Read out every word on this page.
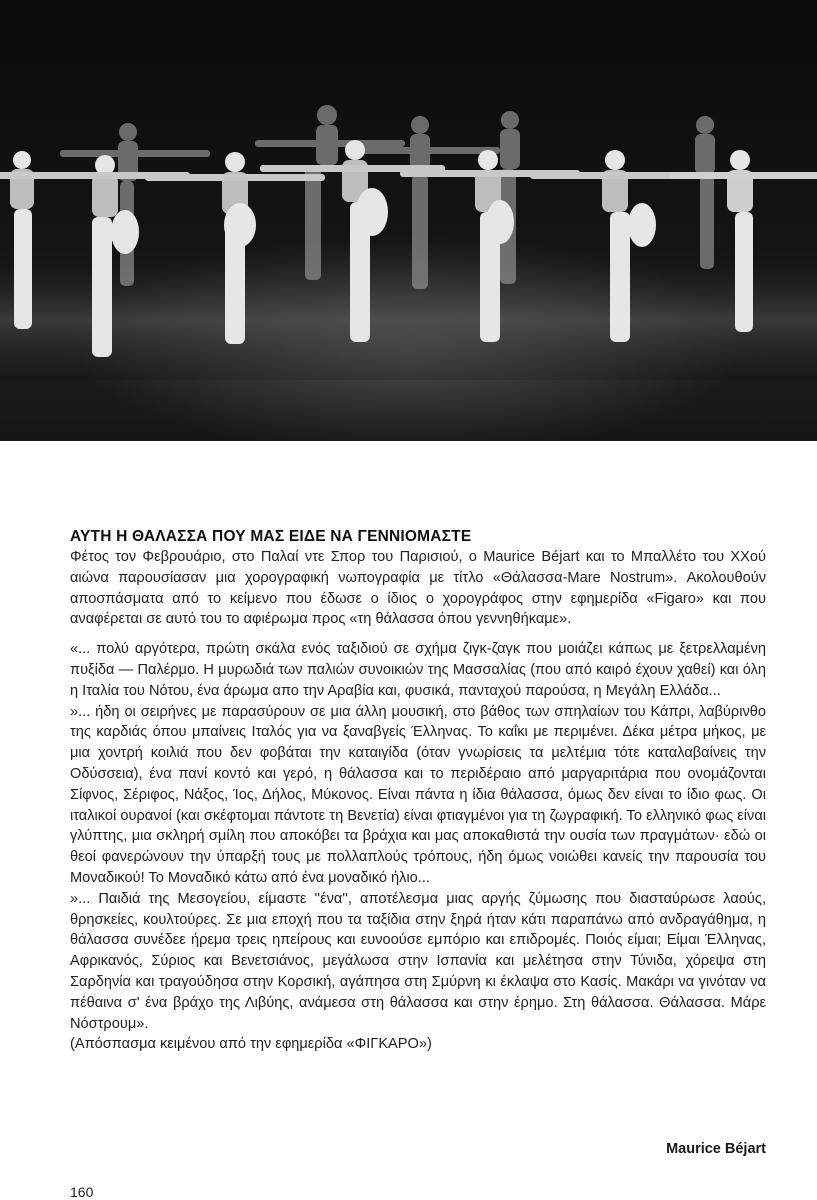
ΑΥΤΗ Η ΘΑΛΑΣΣΑ ΠΟΥ ΜΑΣ ΕΙΔΕ ΝΑ ΓΕΝΝΙΟΜΑΣΤΕ

Φέτος τον Φεβρουάριο, στο Παλαί ντε Σπορ του Παρισιού, ο Maurice Béjart και το Μπαλλέτο του ΧΧού αιώνα παρουσίασαν μια χορογραφική νωπογραφία με τίτλο «Θάλασσα-Mare Nostrum». Ακολουθούν αποσπάσματα από το κείμενο που έδωσε ο ίδιος ο χορογράφος στην εφημερίδα «Figaro» και που αναφέρεται σε αυτό του το αφιέρωμα προς «τη θάλασσα όπου γεννηθήκαμε».

«... πολύ αργότερα, πρώτη σκάλα ενός ταξιδιού σε σχήμα ζιγκ-ζαγκ που μοιάζει κάπως με ξετρελλαμένη πυξίδα — Παλέρμο. Η μυρωδιά των παλιών συνοικιών της Μασσαλίας (που από καιρό έχουν χαθεί) και όλη η Ιταλία του Νότου, ένα άρωμα απο την Αραβία και, φυσικά, πανταχού παρούσα, η Μεγάλη Ελλάδα...

»... ήδη οι σειρήνες με παρασύρουν σε μια άλλη μουσική, στο βάθος των σπηλαίων του Κάπρι, λαβύρινθο της καρδιάς όπου μπαίνεις Ιταλός για να ξαναβγείς Έλληνας. Το καΐκι με περιμένει. Δέκα μέτρα μήκος, με μια χοντρή κοιλιά που δεν φοβάται την καταιγίδα (όταν γνωρίσεις τα μελτέμια τότε καταλαβαίνεις την Οδύσσεια), ένα πανί κοντό και γερό, η θάλασσα και το περιδέραιο από μαργαριτάρια που ονομάζονται Σίφνος, Σέριφος, Νάξος, Ίος, Δήλος, Μύκονος. Είναι πάντα η ίδια θάλασσα, όμως δεν είναι το ίδιο φως. Οι ιταλικοί ουρανοί (και σκέφτομαι πάντοτε τη Βενετία) είναι φτιαγμένοι για τη ζωγραφική. Το ελληνικό φως είναι γλύπτης, μια σκληρή σμίλη που αποκόβει τα βράχια και μας αποκαθιστά την ουσία των πραγμάτων· εδώ οι θεοί φανερώνουν την ύπαρξή τους με πολλαπλούς τρόπους, ήδη όμως νοιώθει κανείς την παρουσία του Μοναδικού! Το Μοναδικό κάτω από ένα μοναδικό ήλιο...

»... Παιδιά της Μεσογείου, είμαστε ''ένα'', αποτέλεσμα μιας αργής ζύμωσης που διασταύρωσε λαούς, θρησκείες, κουλτούρες. Σε μια εποχή που τα ταξίδια στην ξηρά ήταν κάτι παραπάνω από ανδραγάθημα, η θάλασσα συνέδεε ήρεμα τρεις ηπείρους και ευνοούσε εμπόριο και επιδρομές. Ποιός είμαι; Είμαι Έλληνας, Αφρικανός, Σύριος και Βενετσιάνος, μεγάλωσα στην Ισπανία και μελέτησα στην Τύνιδα, χόρεψα στη Σαρδηνία και τραγούδησα στην Κορσική, αγάπησα στη Σμύρνη κι έκλαψα στο Κασίς. Μακάρι να γινόταν να πέθαινα σ' ένα βράχο της Λιβύης, ανάμεσα στη θάλασσα και στην έρημο. Στη θάλασσα. Θάλασσα. Μάρε Νόστρουμ».

(Απόσπασμα κειμένου από την εφημερίδα «ΦΙΓΚΑΡΟ»)

Maurice Béjart
160
